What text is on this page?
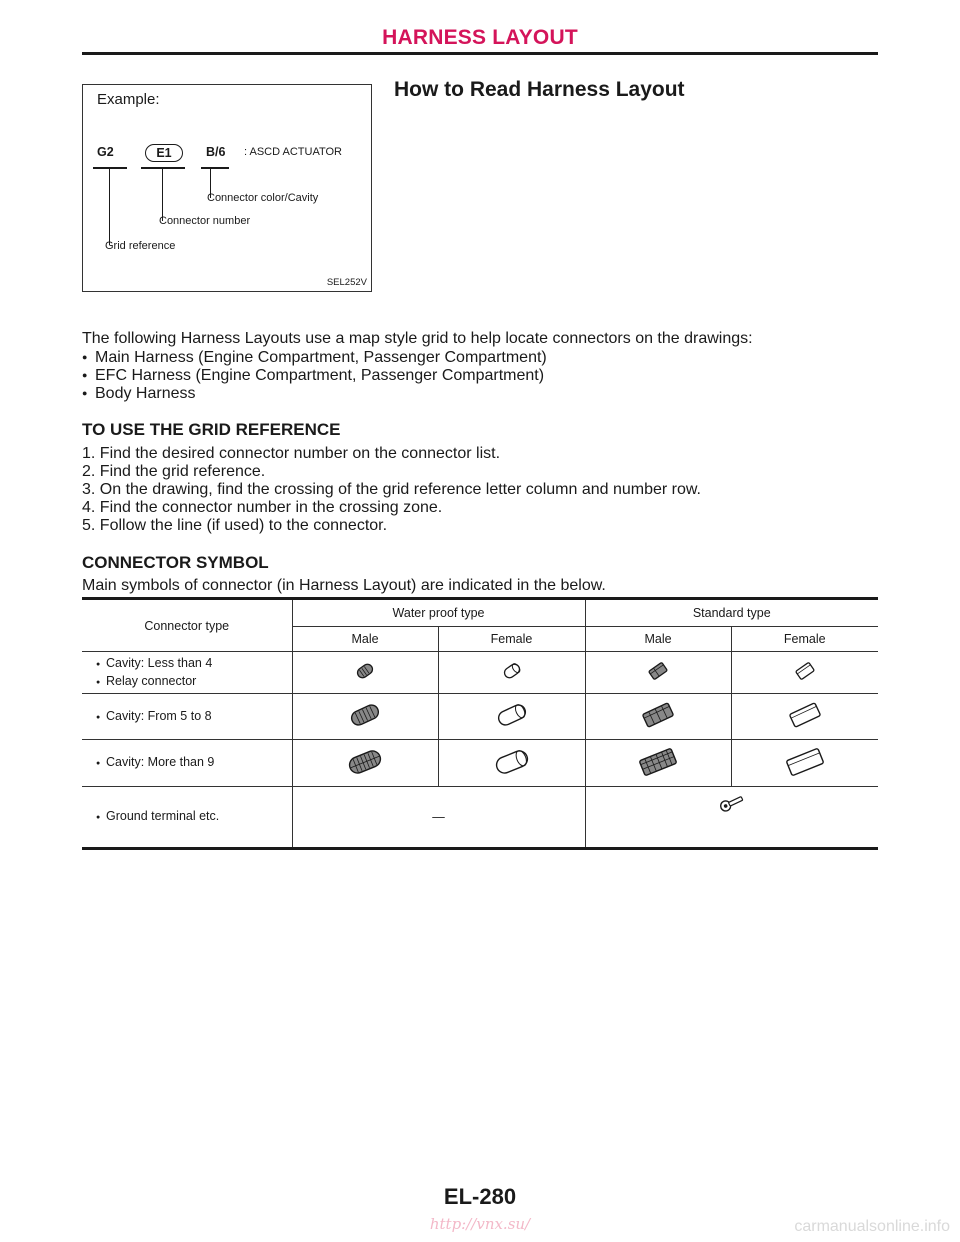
HARNESS LAYOUT
Example:
G2	E1	B/6 : ASCD ACTUATOR
Connector color/Cavity
Connector number
Grid reference
SEL252V
How to Read Harness Layout
The following Harness Layouts use a map style grid to help locate connectors on the drawings:
● Main Harness (Engine Compartment, Passenger Compartment)
● EFC Harness (Engine Compartment, Passenger Compartment)
● Body Harness
TO USE THE GRID REFERENCE
1. Find the desired connector number on the connector list.
2. Find the grid reference.
3. On the drawing, find the crossing of the grid reference letter column and number row.
4. Find the connector number in the crossing zone.
5. Follow the line (if used) to the connector.
CONNECTOR SYMBOL
Main symbols of connector (in Harness Layout) are indicated in the below.
Connector type	Water proof type		Standard type	
	Male	Female	Male	Female

● Cavity: Less than 4
● Relay connector

● Cavity: From 5 to 8

● Cavity: More than 9

● Ground terminal etc.	—	
EL-280
http://vnx.su/	carmanualsonline.info
